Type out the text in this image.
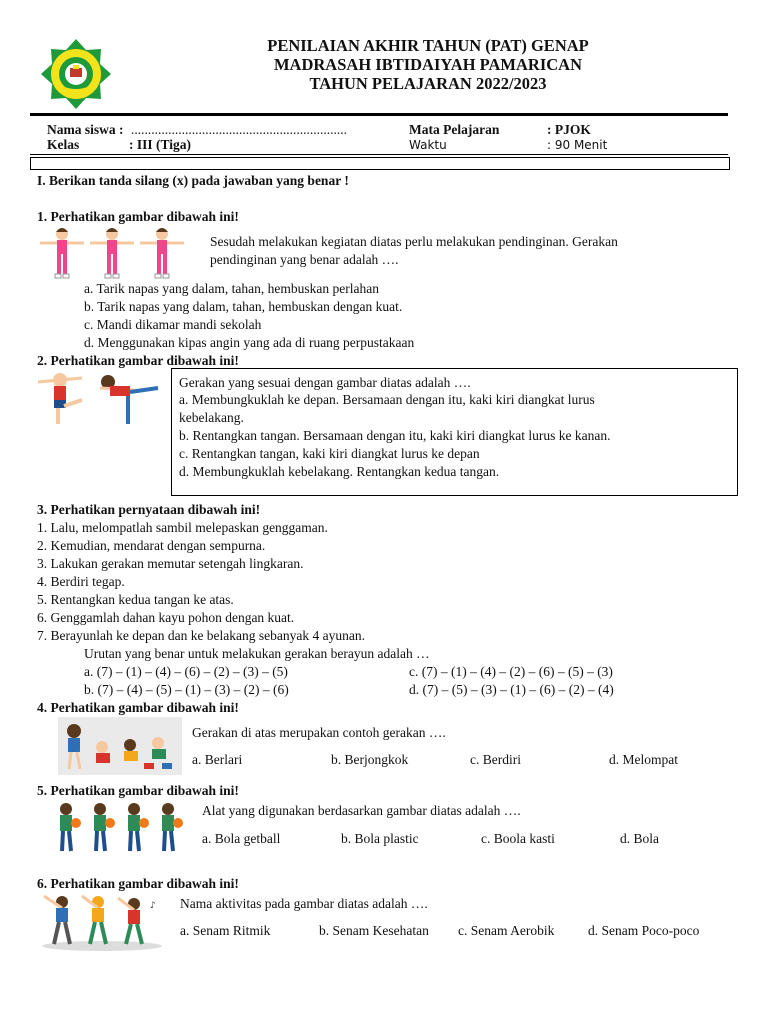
PENILAIAN AKHIR TAHUN (PAT) GENAP
MADRASAH IBTIDAIYAH PAMARICAN
TAHUN PELAJARAN 2022/2023
Nama siswa : ................................................................
Kelas	: III (Tiga)
Mata Pelajaran	: PJOK
Waktu	: 90 Menit
I. Berikan tanda silang (x) pada jawaban yang benar !
1. Perhatikan gambar dibawah ini!
Sesudah melakukan kegiatan diatas perlu melakukan pendinginan. Gerakan
pendinginan yang benar adalah ….
a. Tarik napas yang dalam, tahan, hembuskan perlahan
b. Tarik napas yang dalam, tahan, hembuskan dengan kuat.
c. Mandi dikamar mandi sekolah
d. Menggunakan kipas angin yang ada di ruang perpustakaan
2. Perhatikan gambar dibawah ini!
Gerakan yang sesuai dengan gambar diatas adalah ….
a. Membungkuklah ke depan. Bersamaan dengan itu, kaki kiri diangkat lurus
kebelakang.
b. Rentangkan tangan. Bersamaan dengan itu, kaki kiri diangkat lurus ke kanan.
c. Rentangkan tangan, kaki kiri diangkat lurus ke depan
d. Membungkuklah kebelakang. Rentangkan kedua tangan.
3. Perhatikan pernyataan dibawah ini!
1. Lalu, melompatlah sambil melepaskan genggaman.
2. Kemudian, mendarat dengan sempurna.
3. Lakukan gerakan memutar setengah lingkaran.
4. Berdiri tegap.
5. Rentangkan kedua tangan ke atas.
6. Genggamlah dahan kayu pohon dengan kuat.
7. Berayunlah ke depan dan ke belakang sebanyak 4 ayunan.
Urutan yang benar untuk melakukan gerakan berayun adalah …
a. (7) – (1) – (4) – (6) – (2) – (3) – (5)	c. (7) – (1) – (4) – (2) – (6) – (5) – (3)
b. (7) – (4) – (5) – (1) – (3) – (2) – (6)	d. (7) – (5) – (3) – (1) – (6) – (2) – (4)
4. Perhatikan gambar dibawah ini!
Gerakan di atas merupakan contoh gerakan ….
a. Berlari	b. Berjongkok	c. Berdiri	d. Melompat
5. Perhatikan gambar dibawah ini!
Alat yang digunakan berdasarkan gambar diatas adalah ….
a. Bola getball	b. Bola plastic	c. Boola kasti	d. Bola
6. Perhatikan gambar dibawah ini!
♪ Nama aktivitas pada gambar diatas adalah ….
a. Senam Ritmik	b. Senam Kesehatan c. Senam Aerobik d. Senam Poco-poco
